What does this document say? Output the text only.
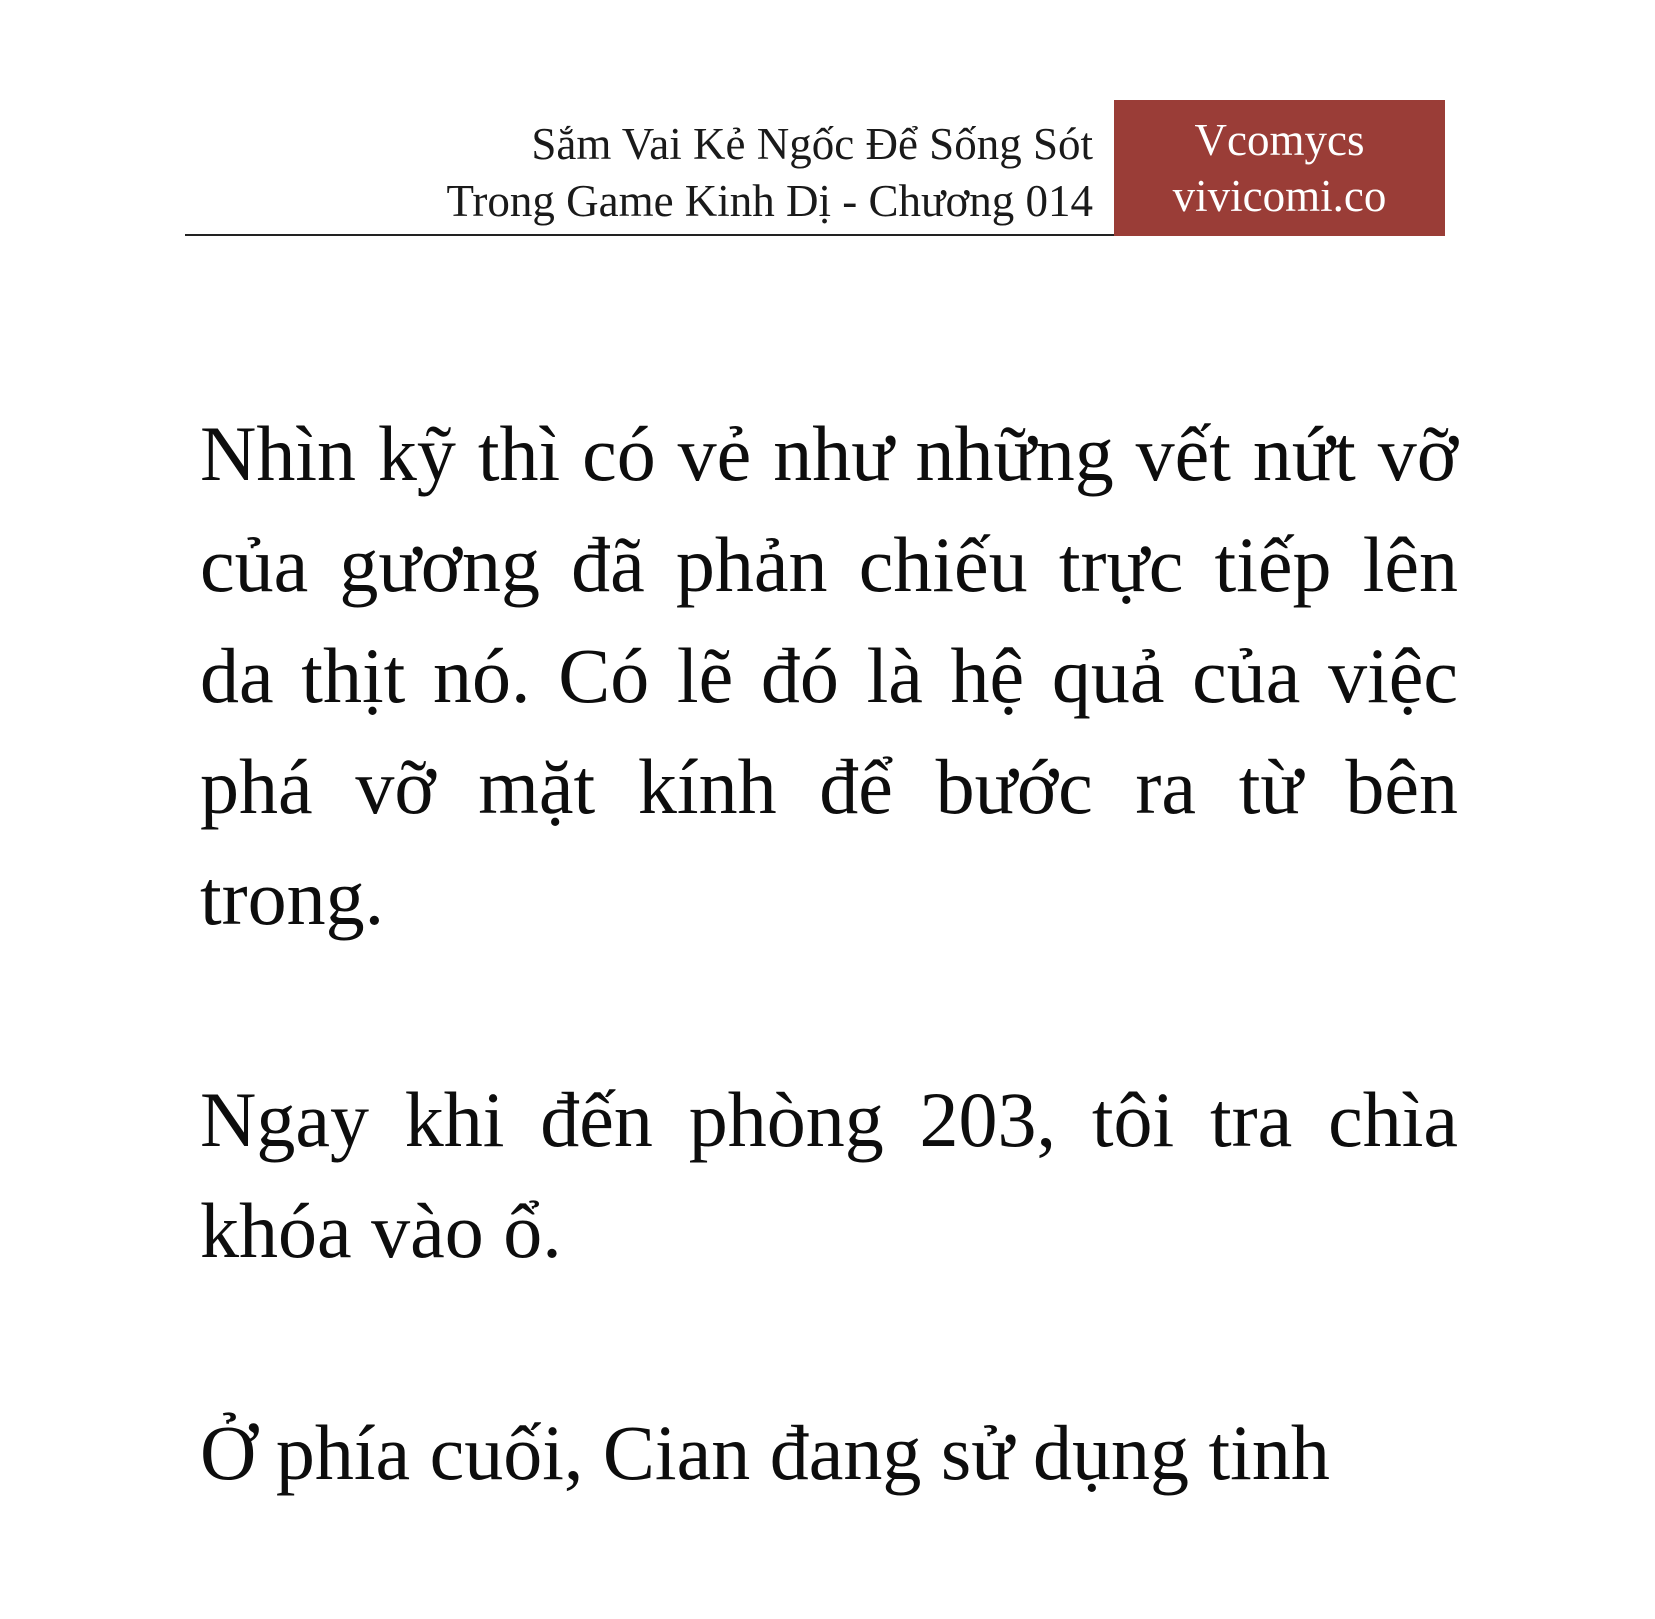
Sắm Vai Kẻ Ngốc Để Sống Sót
Trong Game Kinh Dị - Chương 014
Vcomycs
vivicomi.co

Nhìn kỹ thì có vẻ như những vết nứt vỡ của gương đã phản chiếu trực tiếp lên da thịt nó. Có lẽ đó là hệ quả của việc phá vỡ mặt kính để bước ra từ bên trong.

Ngay khi đến phòng 203, tôi tra chìa khóa vào ổ.

Ở phía cuối, Cian đang sử dụng tinh
